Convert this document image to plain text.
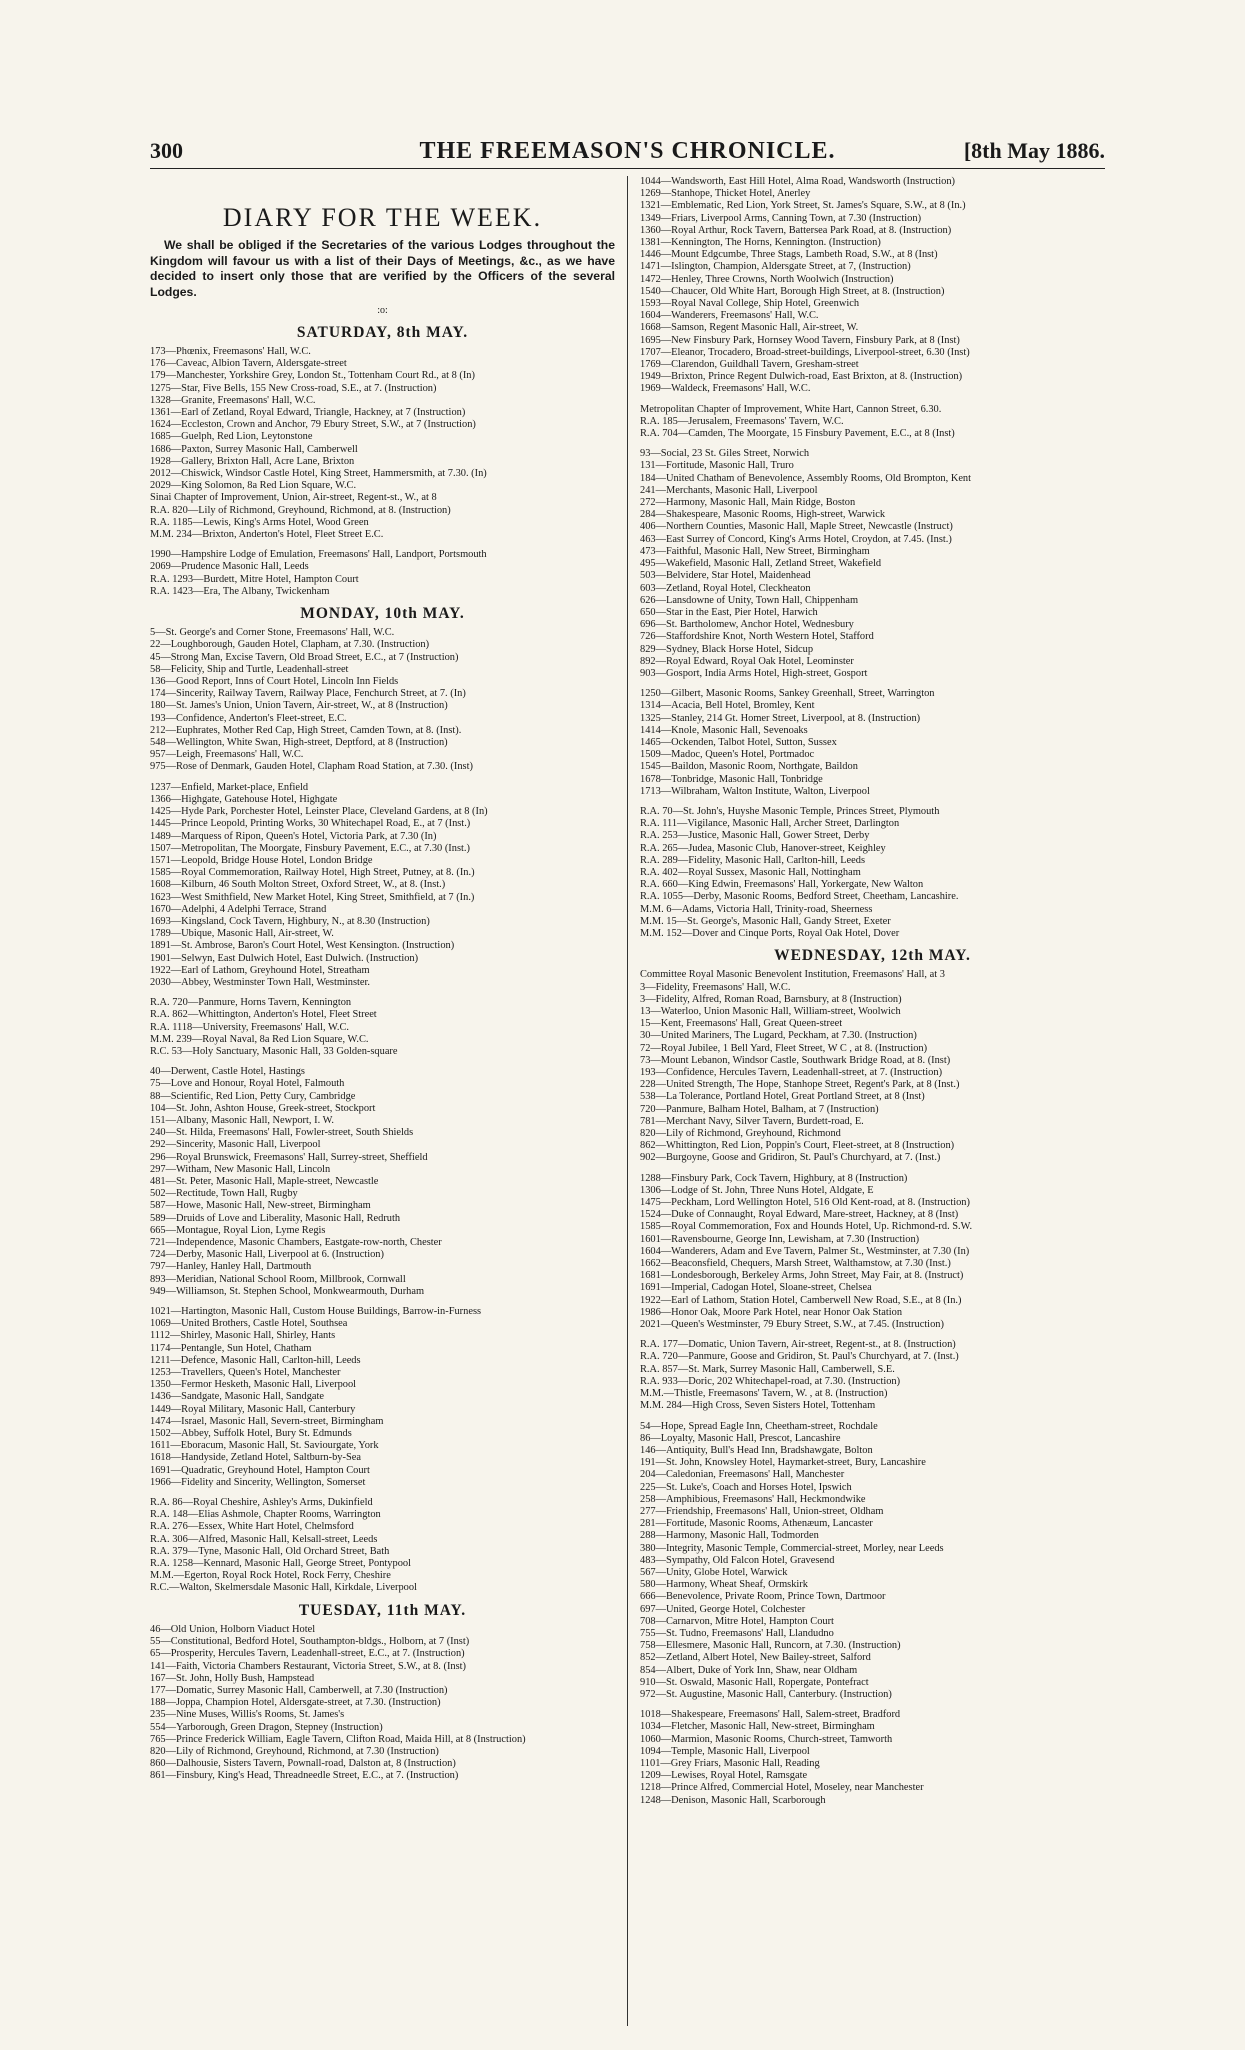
300	THE FREEMASON'S CHRONICLE.	[8th May 1886.
DIARY FOR THE WEEK.

We shall be obliged if the Secretaries of the various Lodges throughout the Kingdom will favour us with a list of their Days of Meetings, &c., as we have decided to insert only those that are verified by the Officers of the several Lodges.

:o:
SATURDAY, 8th MAY.
173—Phœnix, Freemasons' Hall, W.C.
176—Caveac, Albion Tavern, Aldersgate-street
179—Manchester, Yorkshire Grey, London St., Tottenham Court Rd., at 8 (In)
1275—Star, Five Bells, 155 New Cross-road, S.E., at 7. (Instruction)
1328—Granite, Freemasons' Hall, W.C.
1361—Earl of Zetland, Royal Edward, Triangle, Hackney, at 7 (Instruction)
1624—Eccleston, Crown and Anchor, 79 Ebury Street, S.W., at 7 (Instruction)
1685—Guelph, Red Lion, Leytonstone
1686—Paxton, Surrey Masonic Hall, Camberwell
1928—Gallery, Brixton Hall, Acre Lane, Brixton
2012—Chiswick, Windsor Castle Hotel, King Street, Hammersmith, at 7.30. (In)
2029—King Solomon, 8a Red Lion Square, W.C.
Sinai Chapter of Improvement, Union, Air-street, Regent-st., W., at 8
R.A. 820—Lily of Richmond, Greyhound, Richmond, at 8. (Instruction)
R.A. 1185—Lewis, King's Arms Hotel, Wood Green
M.M. 234—Brixton, Anderton's Hotel, Fleet Street E.C.
1990—Hampshire Lodge of Emulation, Freemasons' Hall, Landport, Portsmouth
2069—Prudence Masonic Hall, Leeds
R.A. 1293—Burdett, Mitre Hotel, Hampton Court
R.A. 1423—Era, The Albany, Twickenham
MONDAY, 10th MAY.
5—St. George's and Corner Stone, Freemasons' Hall, W.C.
22—Loughborough, Gauden Hotel, Clapham, at 7.30. (Instruction)
45—Strong Man, Excise Tavern, Old Broad Street, E.C., at 7 (Instruction)
58—Felicity, Ship and Turtle, Leadenhall-street
136—Good Report, Inns of Court Hotel, Lincoln Inn Fields
174—Sincerity, Railway Tavern, Railway Place, Fenchurch Street, at 7. (In)
180—St. James's Union, Union Tavern, Air-street, W., at 8 (Instruction)
193—Confidence, Anderton's Fleet-street, E.C.
212—Euphrates, Mother Red Cap, High Street, Camden Town, at 8. (Inst).
548—Wellington, White Swan, High-street, Deptford, at 8 (Instruction)
957—Leigh, Freemasons' Hall, W.C.
975—Rose of Denmark, Gauden Hotel, Clapham Road Station, at 7.30. (Inst)
1237—Enfield, Market-place, Enfield
1366—Highgate, Gatehouse Hotel, Highgate
1425—Hyde Park, Porchester Hotel, Leinster Place, Cleveland Gardens, at 8 (In)
1445—Prince Leopold, Printing Works, 30 Whitechapel Road, E., at 7 (Inst.)
1489—Marquess of Ripon, Queen's Hotel, Victoria Park, at 7.30 (In)
1507—Metropolitan, The Moorgate, Finsbury Pavement, E.C., at 7.30 (Inst.)
1571—Leopold, Bridge House Hotel, London Bridge
1585—Royal Commemoration, Railway Hotel, High Street, Putney, at 8. (In.)
1608—Kilburn, 46 South Molton Street, Oxford Street, W., at 8. (Inst.)
1623—West Smithfield, New Market Hotel, King Street, Smithfield, at 7 (In.)
1670—Adelphi, 4 Adelphi Terrace, Strand
1693—Kingsland, Cock Tavern, Highbury, N., at 8.30 (Instruction)
1789—Ubique, Masonic Hall, Air-street, W.
1891—St. Ambrose, Baron's Court Hotel, West Kensington. (Instruction)
1901—Selwyn, East Dulwich Hotel, East Dulwich. (Instruction)
1922—Earl of Lathom, Greyhound Hotel, Streatham
2030—Abbey, Westminster Town Hall, Westminster.
R.A. 720—Panmure, Horns Tavern, Kennington
R.A. 862—Whittington, Anderton's Hotel, Fleet Street
R.A. 1118—University, Freemasons' Hall, W.C.
M.M. 239—Royal Naval, 8a Red Lion Square, W.C.
R.C. 53—Holy Sanctuary, Masonic Hall, 33 Golden-square
40—Derwent, Castle Hotel, Hastings
75—Love and Honour, Royal Hotel, Falmouth
88—Scientific, Red Lion, Petty Cury, Cambridge
104—St. John, Ashton House, Greek-street, Stockport
151—Albany, Masonic Hall, Newport, I. W.
240—St. Hilda, Freemasons' Hall, Fowler-street, South Shields
292—Sincerity, Masonic Hall, Liverpool
296—Royal Brunswick, Freemasons' Hall, Surrey-street, Sheffield
297—Witham, New Masonic Hall, Lincoln
481—St. Peter, Masonic Hall, Maple-street, Newcastle
502—Rectitude, Town Hall, Rugby
587—Howe, Masonic Hall, New-street, Birmingham
589—Druids of Love and Liberality, Masonic Hall, Redruth
665—Montague, Royal Lion, Lyme Regis
721—Independence, Masonic Chambers, Eastgate-row-north, Chester
724—Derby, Masonic Hall, Liverpool at 6. (Instruction)
797—Hanley, Hanley Hall, Dartmouth
893—Meridian, National School Room, Millbrook, Cornwall
949—Williamson, St. Stephen School, Monkwearmouth, Durham
1021—Hartington, Masonic Hall, Custom House Buildings, Barrow-in-Furness
1069—United Brothers, Castle Hotel, Southsea
1112—Shirley, Masonic Hall, Shirley, Hants
1174—Pentangle, Sun Hotel, Chatham
1211—Defence, Masonic Hall, Carlton-hill, Leeds
1253—Travellers, Queen's Hotel, Manchester
1350—Fermor Hesketh, Masonic Hall, Liverpool
1436—Sandgate, Masonic Hall, Sandgate
1449—Royal Military, Masonic Hall, Canterbury
1474—Israel, Masonic Hall, Severn-street, Birmingham
1502—Abbey, Suffolk Hotel, Bury St. Edmunds
1611—Eboracum, Masonic Hall, St. Saviourgate, York
1618—Handyside, Zetland Hotel, Saltburn-by-Sea
1691—Quadratic, Greyhound Hotel, Hampton Court
1966—Fidelity and Sincerity, Wellington, Somerset
R.A. 86—Royal Cheshire, Ashley's Arms, Dukinfield
R.A. 148—Elias Ashmole, Chapter Rooms, Warrington
R.A. 276—Essex, White Hart Hotel, Chelmsford
R.A. 306—Alfred, Masonic Hall, Kelsall-street, Leeds
R.A. 379—Tyne, Masonic Hall, Old Orchard Street, Bath
R.A. 1258—Kennard, Masonic Hall, George Street, Pontypool
M.M.—Egerton, Royal Rock Hotel, Rock Ferry, Cheshire
R.C.—Walton, Skelmersdale Masonic Hall, Kirkdale, Liverpool
TUESDAY, 11th MAY.
46—Old Union, Holborn Viaduct Hotel
55—Constitutional, Bedford Hotel, Southampton-bldgs., Holborn, at 7 (Inst)
65—Prosperity, Hercules Tavern, Leadenhall-street, E.C., at 7. (Instruction)
141—Faith, Victoria Chambers Restaurant, Victoria Street, S.W., at 8. (Inst)
167—St. John, Holly Bush, Hampstead
177—Domatic, Surrey Masonic Hall, Camberwell, at 7.30 (Instruction)
188—Joppa, Champion Hotel, Aldersgate-street, at 7.30. (Instruction)
235—Nine Muses, Willis's Rooms, St. James's
554—Yarborough, Green Dragon, Stepney (Instruction)
765—Prince Frederick William, Eagle Tavern, Clifton Road, Maida Hill, at 8 (Instruction)
820—Lily of Richmond, Greyhound, Richmond, at 7.30 (Instruction)
860—Dalhousie, Sisters Tavern, Pownall-road, Dalston at, 8 (Instruction)
861—Finsbury, King's Head, Threadneedle Street, E.C., at 7. (Instruction)
1044—Wandsworth, East Hill Hotel, Alma Road, Wandsworth (Instruction)
1269—Stanhope, Thicket Hotel, Anerley
1321—Emblematic, Red Lion, York Street, St. James's Square, S.W., at 8 (In.)
1349—Friars, Liverpool Arms, Canning Town, at 7.30 (Instruction)
1360—Royal Arthur, Rock Tavern, Battersea Park Road, at 8. (Instruction)
1381—Kennington, The Horns, Kennington. (Instruction)
1446—Mount Edgcumbe, Three Stags, Lambeth Road, S.W., at 8 (Inst)
1471—Islington, Champion, Aldersgate Street, at 7, (Instruction)
1472—Henley, Three Crowns, North Woolwich (Instruction)
1540—Chaucer, Old White Hart, Borough High Street, at 8. (Instruction)
1593—Royal Naval College, Ship Hotel, Greenwich
1604—Wanderers, Freemasons' Hall, W.C.
1668—Samson, Regent Masonic Hall, Air-street, W.
1695—New Finsbury Park, Hornsey Wood Tavern, Finsbury Park, at 8 (Inst)
1707—Eleanor, Trocadero, Broad-street-buildings, Liverpool-street, 6.30 (Inst)
1769—Clarendon, Guildhall Tavern, Gresham-street
1949—Brixton, Prince Regent Dulwich-road, East Brixton, at 8. (Instruction)
1969—Waldeck, Freemasons' Hall, W.C.
Metropolitan Chapter of Improvement, White Hart, Cannon Street, 6.30.
R.A. 185—Jerusalem, Freemasons' Tavern, W.C.
R.A. 704—Camden, The Moorgate, 15 Finsbury Pavement, E.C., at 8 (Inst)
93—Social, 23 St. Giles Street, Norwich
131—Fortitude, Masonic Hall, Truro
184—United Chatham of Benevolence, Assembly Rooms, Old Brompton, Kent
241—Merchants, Masonic Hall, Liverpool
272—Harmony, Masonic Hall, Main Ridge, Boston
284—Shakespeare, Masonic Rooms, High-street, Warwick
406—Northern Counties, Masonic Hall, Maple Street, Newcastle (Instruct)
463—East Surrey of Concord, King's Arms Hotel, Croydon, at 7.45. (Inst.)
473—Faithful, Masonic Hall, New Street, Birmingham
495—Wakefield, Masonic Hall, Zetland Street, Wakefield
503—Belvidere, Star Hotel, Maidenhead
603—Zetland, Royal Hotel, Cleckheaton
626—Lansdowne of Unity, Town Hall, Chippenham
650—Star in the East, Pier Hotel, Harwich
696—St. Bartholomew, Anchor Hotel, Wednesbury
726—Staffordshire Knot, North Western Hotel, Stafford
829—Sydney, Black Horse Hotel, Sidcup
892—Royal Edward, Royal Oak Hotel, Leominster
903—Gosport, India Arms Hotel, High-street, Gosport
1250—Gilbert, Masonic Rooms, Sankey Greenhall, Street, Warrington
1314—Acacia, Bell Hotel, Bromley, Kent
1325—Stanley, 214 Gt. Homer Street, Liverpool, at 8. (Instruction)
1414—Knole, Masonic Hall, Sevenoaks
1465—Ockenden, Talbot Hotel, Sutton, Sussex
1509—Madoc, Queen's Hotel, Portmadoc
1545—Baildon, Masonic Room, Northgate, Baildon
1678—Tonbridge, Masonic Hall, Tonbridge
1713—Wilbraham, Walton Institute, Walton, Liverpool
R.A. 70—St. John's, Huyshe Masonic Temple, Princes Street, Plymouth
R.A. 111—Vigilance, Masonic Hall, Archer Street, Darlington
R.A. 253—Justice, Masonic Hall, Gower Street, Derby
R.A. 265—Judea, Masonic Club, Hanover-street, Keighley
R.A. 289—Fidelity, Masonic Hall, Carlton-hill, Leeds
R.A. 402—Royal Sussex, Masonic Hall, Nottingham
R.A. 660—King Edwin, Freemasons' Hall, Yorkergate, New Walton
R.A. 1055—Derby, Masonic Rooms, Bedford Street, Cheetham, Lancashire.
M.M. 6—Adams, Victoria Hall, Trinity-road, Sheerness
M.M. 15—St. George's, Masonic Hall, Gandy Street, Exeter
M.M. 152—Dover and Cinque Ports, Royal Oak Hotel, Dover
WEDNESDAY, 12th MAY.
Committee Royal Masonic Benevolent Institution, Freemasons' Hall, at 3
3—Fidelity, Freemasons' Hall, W.C.
3—Fidelity, Alfred, Roman Road, Barnsbury, at 8 (Instruction)
13—Waterloo, Union Masonic Hall, William-street, Woolwich
15—Kent, Freemasons' Hall, Great Queen-street
30—United Mariners, The Lugard, Peckham, at 7.30. (Instruction)
72—Royal Jubilee, 1 Bell Yard, Fleet Street, W C , at 8. (Instruction)
73—Mount Lebanon, Windsor Castle, Southwark Bridge Road, at 8. (Inst)
193—Confidence, Hercules Tavern, Leadenhall-street, at 7. (Instruction)
228—United Strength, The Hope, Stanhope Street, Regent's Park, at 8 (Inst.)
538—La Tolerance, Portland Hotel, Great Portland Street, at 8 (Inst)
720—Panmure, Balham Hotel, Balham, at 7 (Instruction)
781—Merchant Navy, Silver Tavern, Burdett-road, E.
820—Lily of Richmond, Greyhound, Richmond
862—Whittington, Red Lion, Poppin's Court, Fleet-street, at 8 (Instruction)
902—Burgoyne, Goose and Gridiron, St. Paul's Churchyard, at 7. (Inst.)
1288—Finsbury Park, Cock Tavern, Highbury, at 8 (Instruction)
1306—Lodge of St. John, Three Nuns Hotel, Aldgate, E
1475—Peckham, Lord Wellington Hotel, 516 Old Kent-road, at 8. (Instruction)
1524—Duke of Connaught, Royal Edward, Mare-street, Hackney, at 8 (Inst)
1585—Royal Commemoration, Fox and Hounds Hotel, Up. Richmond-rd. S.W.
1601—Ravensbourne, George Inn, Lewisham, at 7.30 (Instruction)
1604—Wanderers, Adam and Eve Tavern, Palmer St., Westminster, at 7.30 (In)
1662—Beaconsfield, Chequers, Marsh Street, Walthamstow, at 7.30 (Inst.)
1681—Londesborough, Berkeley Arms, John Street, May Fair, at 8. (Instruct)
1691—Imperial, Cadogan Hotel, Sloane-street, Chelsea
1922—Earl of Lathom, Station Hotel, Camberwell New Road, S.E., at 8 (In.)
1986—Honor Oak, Moore Park Hotel, near Honor Oak Station
2021—Queen's Westminster, 79 Ebury Street, S.W., at 7.45. (Instruction)
R.A. 177—Domatic, Union Tavern, Air-street, Regent-st., at 8. (Instruction)
R.A. 720—Panmure, Goose and Gridiron, St. Paul's Churchyard, at 7. (Inst.)
R.A. 857—St. Mark, Surrey Masonic Hall, Camberwell, S.E.
R.A. 933—Doric, 202 Whitechapel-road, at 7.30. (Instruction)
M.M.—Thistle, Freemasons' Tavern, W. , at 8. (Instruction)
M.M. 284—High Cross, Seven Sisters Hotel, Tottenham
54—Hope, Spread Eagle Inn, Cheetham-street, Rochdale
86—Loyalty, Masonic Hall, Prescot, Lancashire
146—Antiquity, Bull's Head Inn, Bradshawgate, Bolton
191—St. John, Knowsley Hotel, Haymarket-street, Bury, Lancashire
204—Caledonian, Freemasons' Hall, Manchester
225—St. Luke's, Coach and Horses Hotel, Ipswich
258—Amphibious, Freemasons' Hall, Heckmondwike
277—Friendship, Freemasons' Hall, Union-street, Oldham
281—Fortitude, Masonic Rooms, Athenæum, Lancaster
288—Harmony, Masonic Hall, Todmorden
380—Integrity, Masonic Temple, Commercial-street, Morley, near Leeds
483—Sympathy, Old Falcon Hotel, Gravesend
567—Unity, Globe Hotel, Warwick
580—Harmony, Wheat Sheaf, Ormskirk
666—Benevolence, Private Room, Prince Town, Dartmoor
697—United, George Hotel, Colchester
708—Carnarvon, Mitre Hotel, Hampton Court
755—St. Tudno, Freemasons' Hall, Llandudno
758—Ellesmere, Masonic Hall, Runcorn, at 7.30. (Instruction)
852—Zetland, Albert Hotel, New Bailey-street, Salford
854—Albert, Duke of York Inn, Shaw, near Oldham
910—St. Oswald, Masonic Hall, Ropergate, Pontefract
972—St. Augustine, Masonic Hall, Canterbury. (Instruction)
1018—Shakespeare, Freemasons' Hall, Salem-street, Bradford
1034—Fletcher, Masonic Hall, New-street, Birmingham
1060—Marmion, Masonic Rooms, Church-street, Tamworth
1094—Temple, Masonic Hall, Liverpool
1101—Grey Friars, Masonic Hall, Reading
1209—Lewises, Royal Hotel, Ramsgate
1218—Prince Alfred, Commercial Hotel, Moseley, near Manchester
1248—Denison, Masonic Hall, Scarborough
